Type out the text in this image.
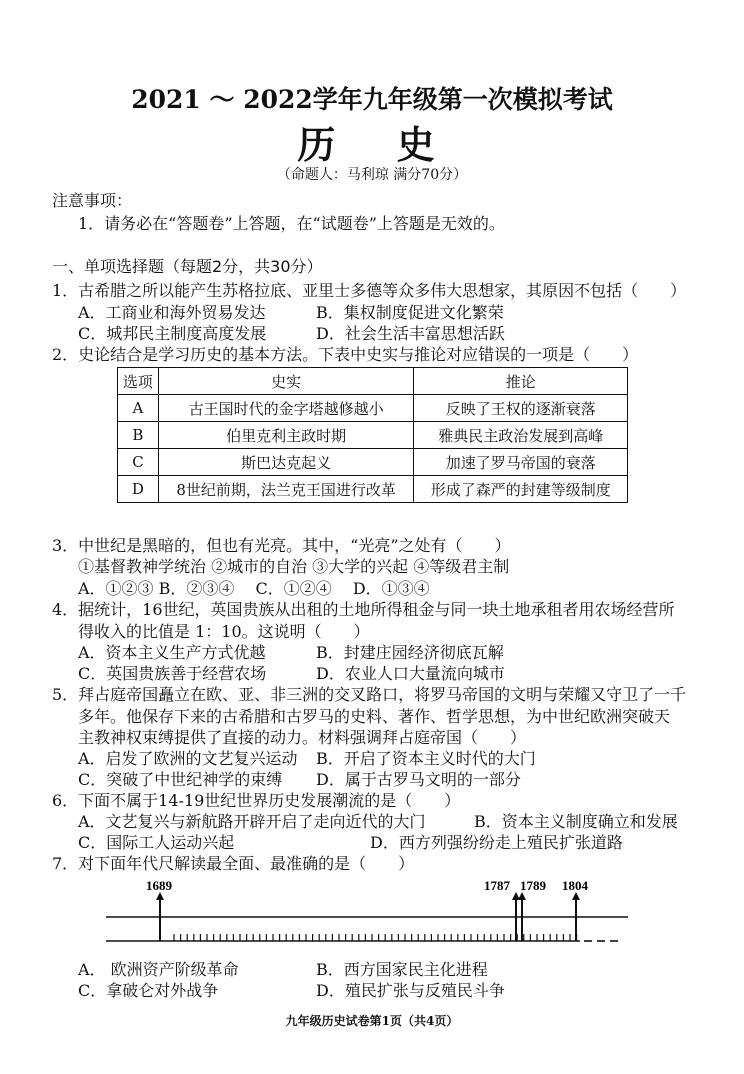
2021 ～ 2022学年九年级第一次模拟考试
历 史
（命题人：马利琼 满分70分）
注意事项：
1．请务必在“答题卷”上答题，在“试题卷”上答题是无效的。
一、单项选择题（每题2分，共30分）
1．古希腊之所以能产生苏格拉底、亚里士多德等众多伟大思想家，其原因不包括（　　）
A．工商业和海外贸易发达	B．集权制度促进文化繁荣
C．城邦民主制度高度发展	D．社会生活丰富思想活跃
2．史论结合是学习历史的基本方法。下表中史实与推论对应错误的一项是（　　）
选项	史实	推论
A	古王国时代的金字塔越修越小	反映了王权的逐渐衰落
B	伯里克利主政时期	雅典民主政治发展到高峰
C	斯巴达克起义	加速了罗马帝国的衰落
D	8世纪前期，法兰克王国进行改革	形成了森严的封建等级制度
3．中世纪是黑暗的，但也有光亮。其中，“光亮”之处有（　　）
①基督教神学统治 ②城市的自治 ③大学的兴起 ④等级君主制
A．①②③ B．②③④　 C．①②④　 D．①③④
4．据统计，16世纪，英国贵族从出租的土地所得租金与同一块土地承租者用农场经营所
得收入的比值是 1：10。这说明（　　）
A．资本主义生产方式优越	B．封建庄园经济彻底瓦解
C．英国贵族善于经营农场	D．农业人口大量流向城市
5．拜占庭帝国矗立在欧、亚、非三洲的交叉路口，将罗马帝国的文明与荣耀又守卫了一千
多年。他保存下来的古希腊和古罗马的史料、著作、哲学思想，为中世纪欧洲突破天
主教神权束缚提供了直接的动力。材料强调拜占庭帝国（　　）
A．启发了欧洲的文艺复兴运动 B．开启了资本主义时代的大门
C．突破了中世纪神学的束缚 D．属于古罗马文明的一部分
6．下面不属于14-19世纪世界历史发展潮流的是（　　）
A．文艺复兴与新航路开辟开启了走向近代的大门	B．资本主义制度确立和发展
C．国际工人运动兴起	D．西方列强纷纷走上殖民扩张道路
7．对下面年代尺解读最全面、最准确的是（　　）
1689	1787 1789 1804
A． 欧洲资产阶级革命	B．西方国家民主化进程
C．拿破仑对外战争	D．殖民扩张与反殖民斗争
九年级历史试卷第1页（共4页）
